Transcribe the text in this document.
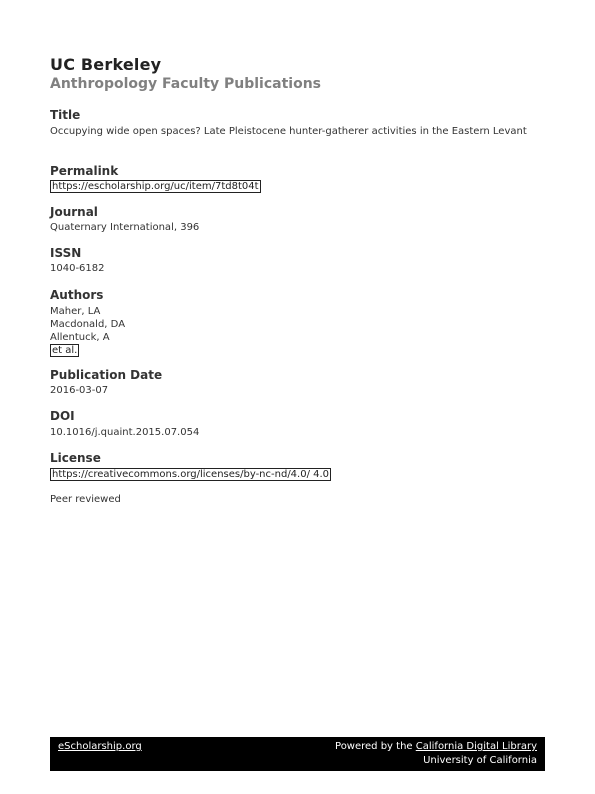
UC Berkeley
Anthropology Faculty Publications
Title
Occupying wide open spaces? Late Pleistocene hunter-gatherer activities in the Eastern Levant
Permalink
https://escholarship.org/uc/item/7td8t04t
Journal
Quaternary International, 396
ISSN
1040-6182
Authors
Maher, LA
Macdonald, DA
Allentuck, A
et al.
Publication Date
2016-03-07
DOI
10.1016/j.quaint.2015.07.054
License
https://creativecommons.org/licenses/by-nc-nd/4.0/ 4.0
Peer reviewed
eScholarship.org	Powered by the California Digital Library
University of California
